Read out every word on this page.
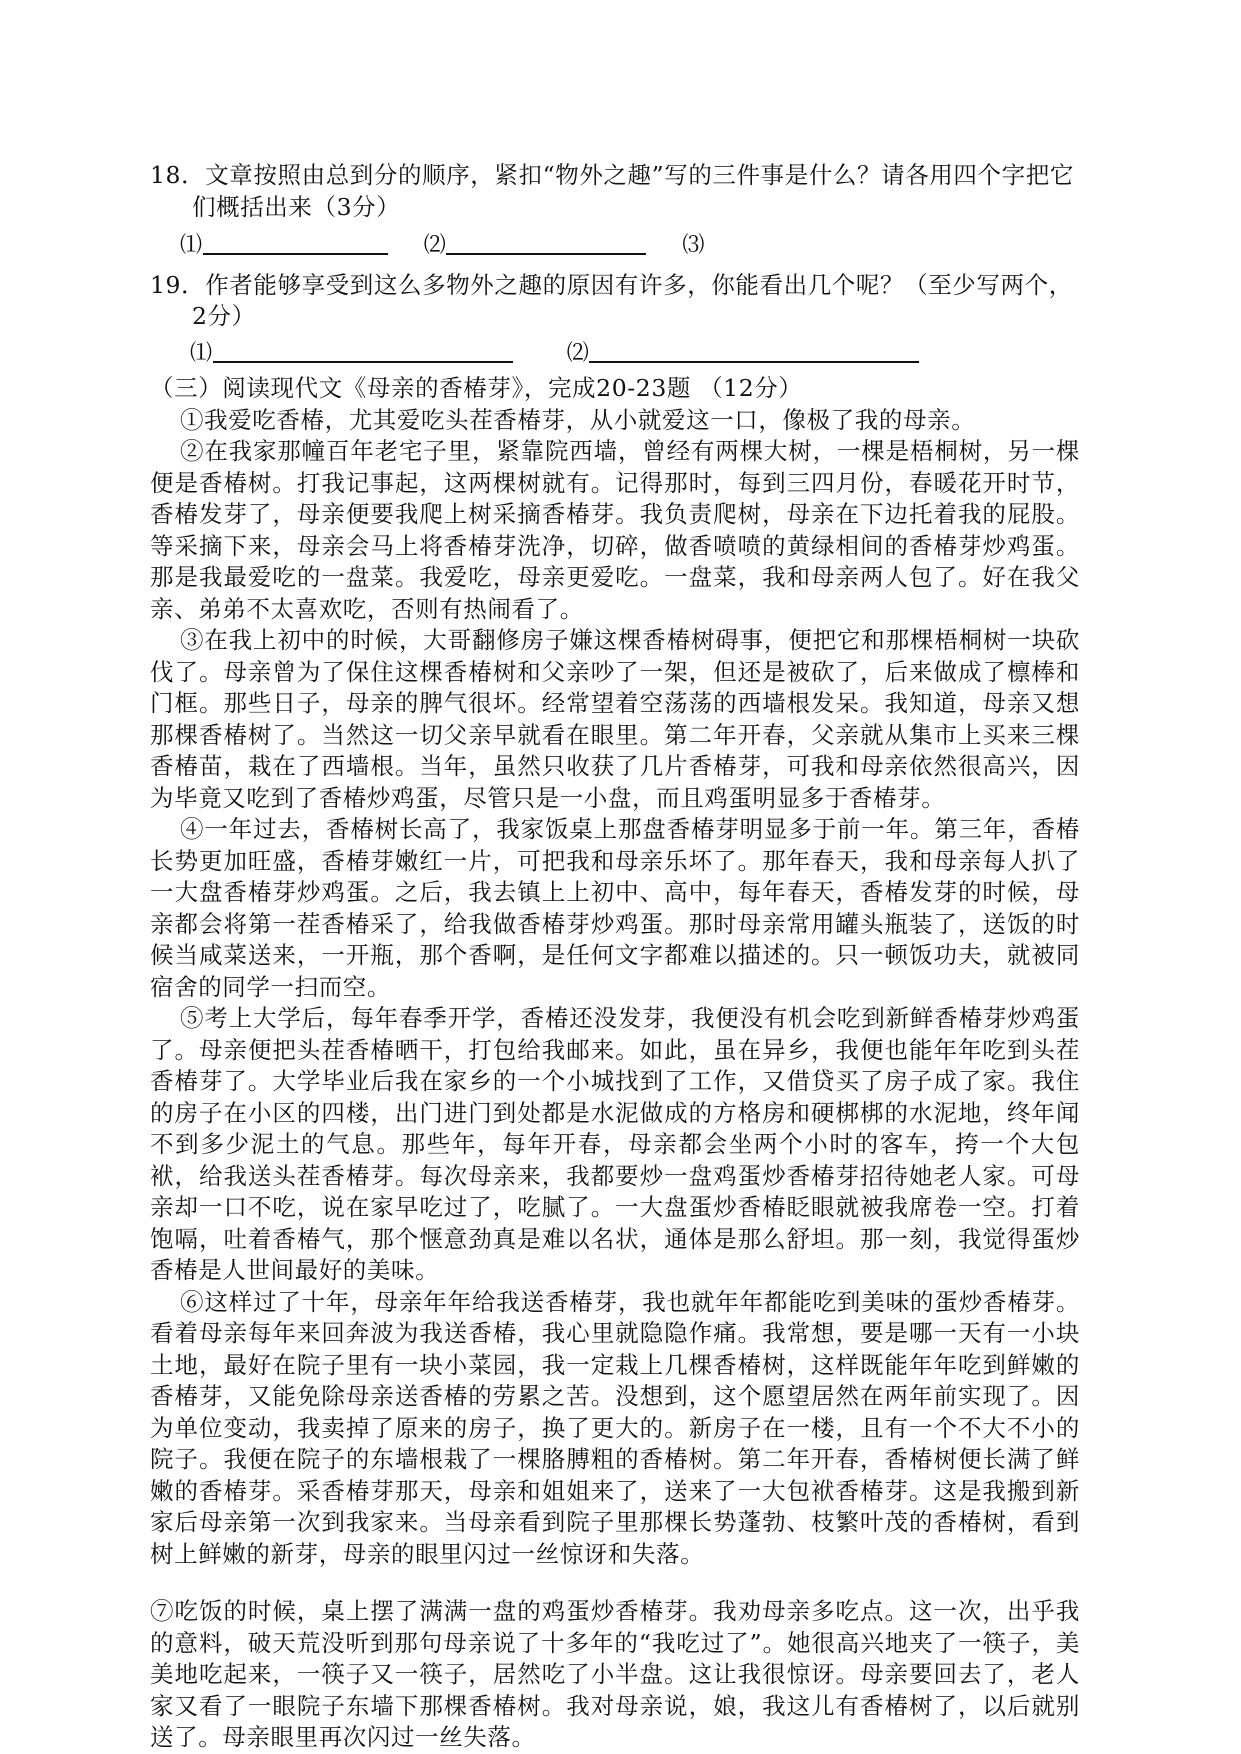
18．文章按照由总到分的顺序，紧扣“物外之趣”写的三件事是什么？请各用四个字把它们概括出来（3分）

⑴	⑵	⑶

19．作者能够享受到这么多物外之趣的原因有许多，你能看出几个呢？（至少写两个，2分）

⑴	⑵

（三）阅读现代文《母亲的香椿芽》，完成20-23题 （12分）

①我爱吃香椿，尤其爱吃头茬香椿芽，从小就爱这一口，像极了我的母亲。

②在我家那幢百年老宅子里，紧靠院西墙，曾经有两棵大树，一棵是梧桐树，另一棵便是香椿树。打我记事起，这两棵树就有。记得那时，每到三四月份，春暖花开时节，香椿发芽了，母亲便要我爬上树采摘香椿芽。我负责爬树，母亲在下边托着我的屁股。等采摘下来，母亲会马上将香椿芽洗净，切碎，做香喷喷的黄绿相间的香椿芽炒鸡蛋。那是我最爱吃的一盘菜。我爱吃，母亲更爱吃。一盘菜，我和母亲两人包了。好在我父亲、弟弟不太喜欢吃，否则有热闹看了。

③在我上初中的时候，大哥翻修房子嫌这棵香椿树碍事，便把它和那棵梧桐树一块砍伐了。母亲曾为了保住这棵香椿树和父亲吵了一架，但还是被砍了，后来做成了檩棒和门框。那些日子，母亲的脾气很坏。经常望着空荡荡的西墙根发呆。我知道，母亲又想那棵香椿树了。当然这一切父亲早就看在眼里。第二年开春，父亲就从集市上买来三棵香椿苗，栽在了西墙根。当年，虽然只收获了几片香椿芽，可我和母亲依然很高兴，因为毕竟又吃到了香椿炒鸡蛋，尽管只是一小盘，而且鸡蛋明显多于香椿芽。

④一年过去，香椿树长高了，我家饭桌上那盘香椿芽明显多于前一年。第三年，香椿长势更加旺盛，香椿芽嫩红一片，可把我和母亲乐坏了。那年春天，我和母亲每人扒了一大盘香椿芽炒鸡蛋。之后，我去镇上上初中、高中，每年春天，香椿发芽的时候，母亲都会将第一茬香椿采了，给我做香椿芽炒鸡蛋。那时母亲常用罐头瓶装了，送饭的时候当咸菜送来，一开瓶，那个香啊，是任何文字都难以描述的。只一顿饭功夫，就被同宿舍的同学一扫而空。

⑤考上大学后，每年春季开学，香椿还没发芽，我便没有机会吃到新鲜香椿芽炒鸡蛋了。母亲便把头茬香椿晒干，打包给我邮来。如此，虽在异乡，我便也能年年吃到头茬香椿芽了。大学毕业后我在家乡的一个小城找到了工作，又借贷买了房子成了家。我住的房子在小区的四楼，出门进门到处都是水泥做成的方格房和硬梆梆的水泥地，终年闻不到多少泥土的气息。那些年，每年开春，母亲都会坐两个小时的客车，挎一个大包袱，给我送头茬香椿芽。每次母亲来，我都要炒一盘鸡蛋炒香椿芽招待她老人家。可母亲却一口不吃，说在家早吃过了，吃腻了。一大盘蛋炒香椿眨眼就被我席卷一空。打着饱嗝，吐着香椿气，那个惬意劲真是难以名状，通体是那么舒坦。那一刻，我觉得蛋炒香椿是人世间最好的美味。

⑥这样过了十年，母亲年年给我送香椿芽，我也就年年都能吃到美味的蛋炒香椿芽。看着母亲每年来回奔波为我送香椿，我心里就隐隐作痛。我常想，要是哪一天有一小块土地，最好在院子里有一块小菜园，我一定栽上几棵香椿树，这样既能年年吃到鲜嫩的香椿芽，又能免除母亲送香椿的劳累之苦。没想到，这个愿望居然在两年前实现了。因为单位变动，我卖掉了原来的房子，换了更大的。新房子在一楼，且有一个不大不小的院子。我便在院子的东墙根栽了一棵胳膊粗的香椿树。第二年开春，香椿树便长满了鲜嫩的香椿芽。采香椿芽那天，母亲和姐姐来了，送来了一大包袱香椿芽。这是我搬到新家后母亲第一次到我家来。当母亲看到院子里那棵长势蓬勃、枝繁叶茂的香椿树，看到树上鲜嫩的新芽，母亲的眼里闪过一丝惊讶和失落。

⑦吃饭的时候，桌上摆了满满一盘的鸡蛋炒香椿芽。我劝母亲多吃点。这一次，出乎我的意料，破天荒没听到那句母亲说了十多年的“我吃过了”。她很高兴地夹了一筷子，美美地吃起来，一筷子又一筷子，居然吃了小半盘。这让我很惊讶。母亲要回去了，老人家又看了一眼院子东墙下那棵香椿树。我对母亲说，娘，我这儿有香椿树了，以后就别送了。母亲眼里再次闪过一丝失落。
